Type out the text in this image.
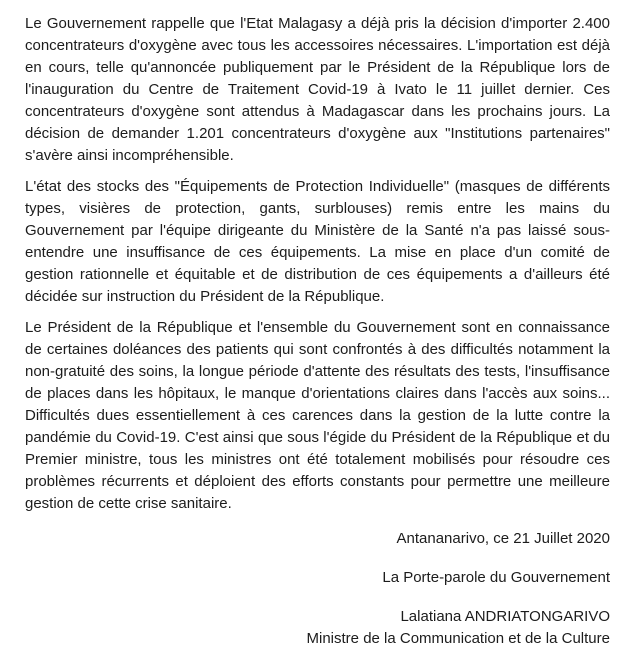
Le Gouvernement rappelle que l'Etat Malagasy a déjà pris la décision d'importer 2.400 concentrateurs d'oxygène avec tous les accessoires nécessaires. L'importation est déjà en cours, telle qu'annoncée publiquement par le Président de la République lors de l'inauguration du Centre de Traitement Covid-19 à Ivato le 11 juillet dernier. Ces concentrateurs d'oxygène sont attendus à Madagascar dans les prochains jours. La décision de demander 1.201 concentrateurs d'oxygène aux "Institutions partenaires" s'avère ainsi incompréhensible.

L'état des stocks des "Équipements de Protection Individuelle" (masques de différents types, visières de protection, gants, surblouses) remis entre les mains du Gouvernement par l'équipe dirigeante du Ministère de la Santé n'a pas laissé sous-entendre une insuffisance de ces équipements. La mise en place d'un comité de gestion rationnelle et équitable et de distribution de ces équipements a d'ailleurs été décidée sur instruction du Président de la République.

Le Président de la République et l'ensemble du Gouvernement sont en connaissance de certaines doléances des patients qui sont confrontés à des difficultés notamment la non-gratuité des soins, la longue période d'attente des résultats des tests, l'insuffisance de places dans les hôpitaux, le manque d'orientations claires dans l'accès aux soins... Difficultés dues essentiellement à ces carences dans la gestion de la lutte contre la pandémie du Covid-19. C'est ainsi que sous l'égide du Président de la République et du Premier ministre, tous les ministres ont été totalement mobilisés pour résoudre ces problèmes récurrents et déploient des efforts constants pour permettre une meilleure gestion de cette crise sanitaire.

Antananarivo, ce 21 Juillet 2020

La Porte-parole du Gouvernement

Lalatiana ANDRIATONGARIVO

Ministre de la Communication et de la Culture
